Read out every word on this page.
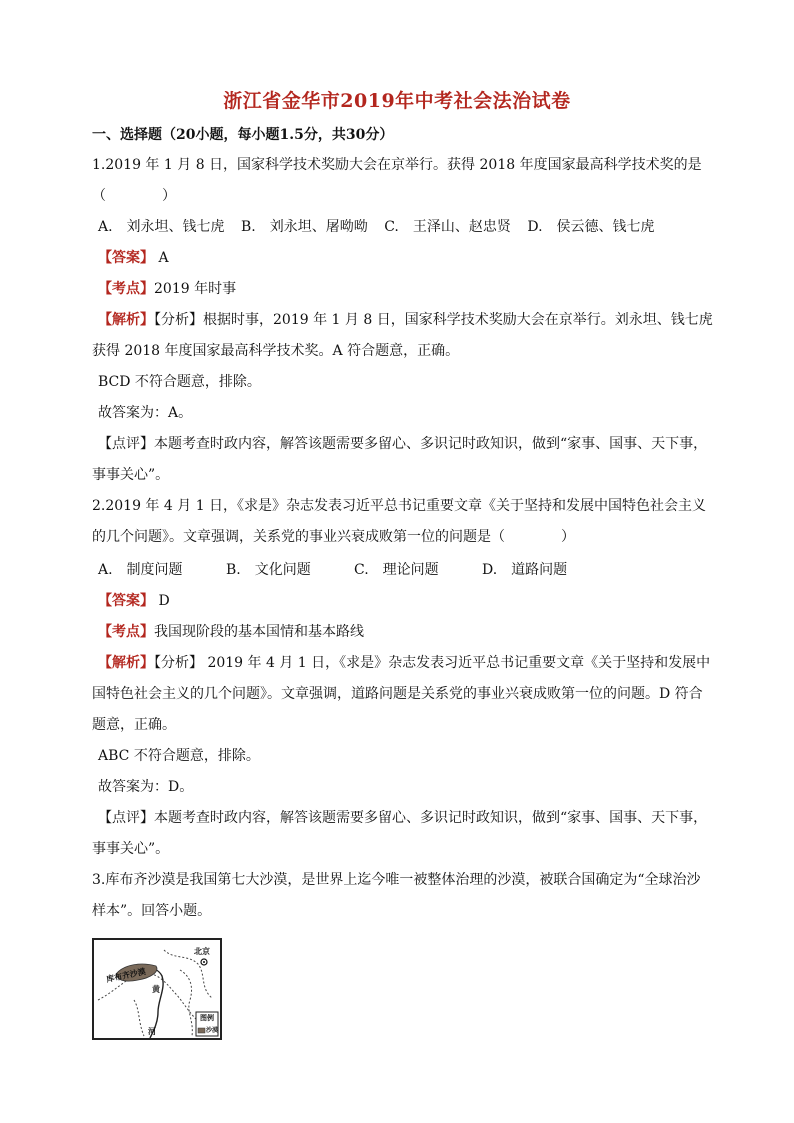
浙江省金华市2019年中考社会法治试卷
一、选择题（20小题，每小题1.5分，共30分）
1.2019 年 1 月 8 日，国家科学技术奖励大会在京举行。获得 2018 年度国家最高科学技术奖的是
（　　　　）
A.　刘永坦、钱七虎 B.　刘永坦、屠呦呦 C.　王泽山、赵忠贤 D.　侯云德、钱七虎
【答案】 A
【考点】2019 年时事
【解析】【分析】根据时事，2019 年 1 月 8 日，国家科学技术奖励大会在京举行。刘永坦、钱七虎
获得 2018 年度国家最高科学技术奖。A 符合题意，正确。
BCD 不符合题意，排除。
故答案为：A。
【点评】本题考查时政内容，解答该题需要多留心、多识记时政知识，做到“家事、国事、天下事，
事事关心”。
2.2019 年 4 月 1 日，《求是》杂志发表习近平总书记重要文章《关于坚持和发展中国特色社会主义
的几个问题》。文章强调，关系党的事业兴衰成败第一位的问题是（　　　　）
A.　制度问题	B.　文化问题	C.　理论问题	D.　道路问题
【答案】 D
【考点】我国现阶段的基本国情和基本路线
【解析】【分析】 2019 年 4 月 1 日，《求是》杂志发表习近平总书记重要文章《关于坚持和发展中
国特色社会主义的几个问题》。文章强调，道路问题是关系党的事业兴衰成败第一位的问题。D 符合
题意，正确。
ABC 不符合题意，排除。
故答案为：D。
【点评】本题考查时政内容，解答该题需要多留心、多识记时政知识，做到“家事、国事、天下事，
事事关心”。
3.库布齐沙漠是我国第七大沙漠，是世界上迄今唯一被整体治理的沙漠，被联合国确定为“全球治沙
样本”。回答小题。
库布齐沙漠
北京
黄
河
图例
沙漠
